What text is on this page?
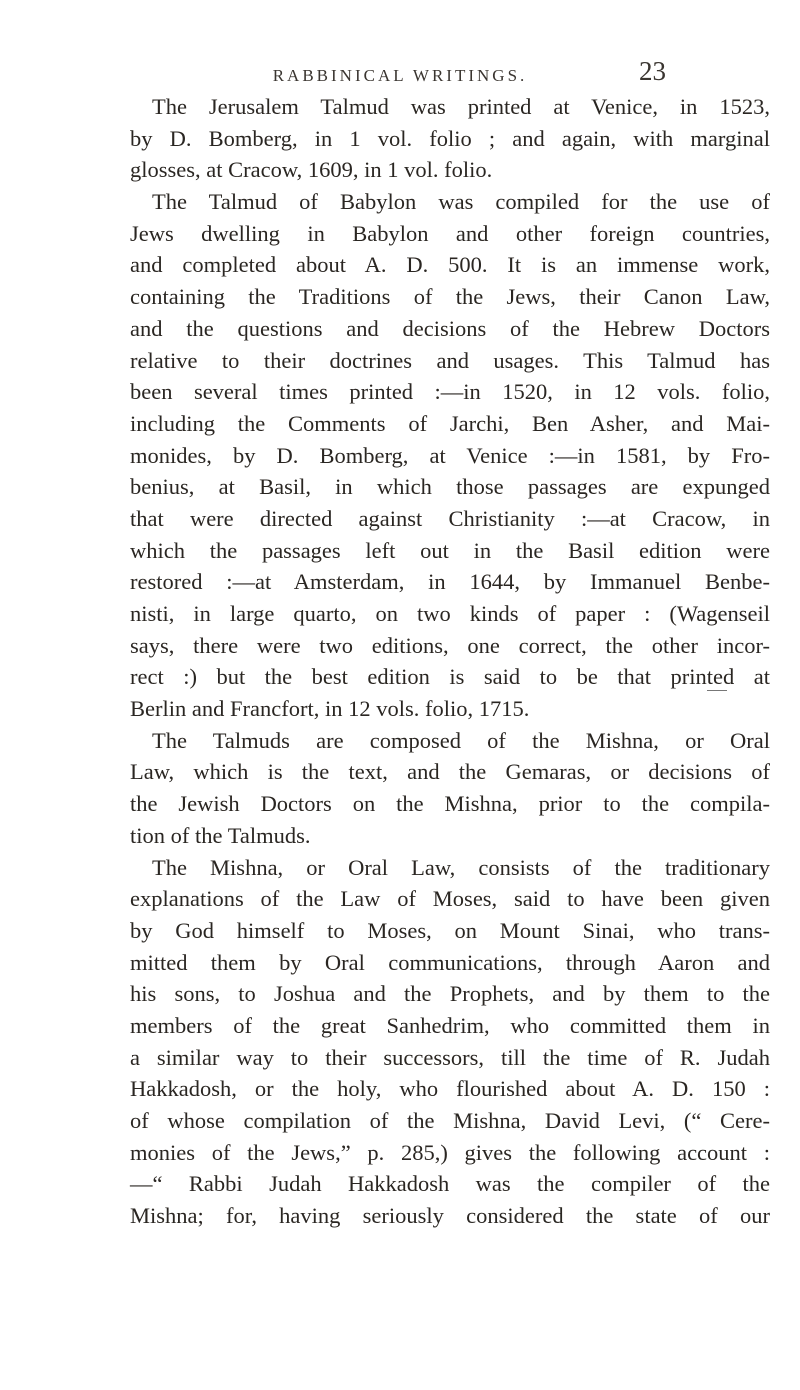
RABBINICAL WRITINGS.	23
The Jerusalem Talmud was printed at Venice, in 1523,
by D. Bomberg, in 1 vol. folio ; and again, with marginal
glosses, at Cracow, 1609, in 1 vol. folio.
The Talmud of Babylon was compiled for the use of
Jews dwelling in Babylon and other foreign countries,
and completed about A. D. 500. It is an immense work,
containing the Traditions of the Jews, their Canon Law,
and the questions and decisions of the Hebrew Doctors
relative to their doctrines and usages. This Talmud has
been several times printed :—in 1520, in 12 vols. folio,
including the Comments of Jarchi, Ben Asher, and Mai-
monides, by D. Bomberg, at Venice :—in 1581, by Fro-
benius, at Basil, in which those passages are expunged
that were directed against Christianity :—at Cracow, in
which the passages left out in the Basil edition were
restored :—at Amsterdam, in 1644, by Immanuel Benbe-
nisti, in large quarto, on two kinds of paper : (Wagenseil
says, there were two editions, one correct, the other incor-
rect :) but the best edition is said to be that printed at
Berlin and Francfort, in 12 vols. folio, 1715.
The Talmuds are composed of the Mishna, or Oral
Law, which is the text, and the Gemaras, or decisions of
the Jewish Doctors on the Mishna, prior to the compila-
tion of the Talmuds.
The Mishna, or Oral Law, consists of the traditionary
explanations of the Law of Moses, said to have been given
by God himself to Moses, on Mount Sinai, who trans-
mitted them by Oral communications, through Aaron and
his sons, to Joshua and the Prophets, and by them to the
members of the great Sanhedrim, who committed them in
a similar way to their successors, till the time of R. Judah
Hakkadosh, or the holy, who flourished about A. D. 150 :
of whose compilation of the Mishna, David Levi, (“ Cere-
monies of the Jews,” p. 285,) gives the following account :
—“ Rabbi Judah Hakkadosh was the compiler of the
Mishna; for, having seriously considered the state of our
